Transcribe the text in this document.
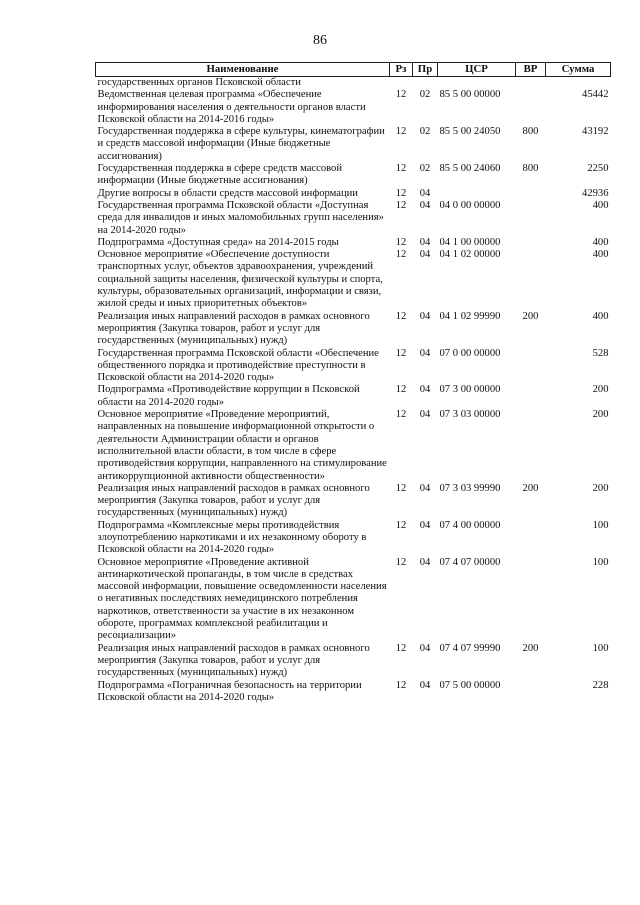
86
Наименование	Рз	Пр	ЦСР	ВР	Сумма
государственных органов Псковской области					
Ведомственная целевая программа «Обеспечение информирования населения о деятельности органов власти Псковской области на 2014-2016 годы»	12	02	85 5 00 00000		45442
Государственная поддержка в сфере культуры, кинематографии и средств массовой информации (Иные бюджетные ассигнования)	12	02	85 5 00 24050	800	43192
Государственная поддержка в сфере средств массовой информации (Иные бюджетные ассигнования)	12	02	85 5 00 24060	800	2250
Другие вопросы в области средств массовой информации	12	04			42936
Государственная программа Псковской области «Доступная среда для инвалидов и иных маломобильных групп населения» на 2014-2020 годы»	12	04	04 0 00 00000		400
Подпрограмма «Доступная среда» на 2014-2015 годы	12	04	04 1 00 00000		400
Основное мероприятие «Обеспечение доступности транспортных услуг, объектов здравоохранения, учреждений социальной защиты населения, физической культуры и спорта, культуры, образовательных организаций, информации и связи, жилой среды и иных приоритетных объектов»	12	04	04 1 02 00000		400
Реализация иных направлений расходов в рамках основного мероприятия (Закупка товаров, работ и услуг для государственных (муниципальных) нужд)	12	04	04 1 02 99990	200	400
Государственная программа Псковской области «Обеспечение общественного порядка и противодействие преступности в Псковской области на 2014-2020 годы»	12	04	07 0 00 00000		528
Подпрограмма «Противодействие коррупции в Псковской области на 2014-2020 годы»	12	04	07 3 00 00000		200
Основное мероприятие «Проведение мероприятий, направленных на повышение информационной открытости о деятельности Администрации области и органов исполнительной власти области, в том числе в сфере противодействия коррупции, направленного на стимулирование антикоррупционной активности общественности»	12	04	07 3 03 00000		200
Реализация иных направлений расходов в рамках основного мероприятия (Закупка товаров, работ и услуг для государственных (муниципальных) нужд)	12	04	07 3 03 99990	200	200
Подпрограмма «Комплексные меры противодействия злоупотреблению наркотиками и их незаконному обороту в Псковской области на 2014-2020 годы»	12	04	07 4 00 00000		100
Основное мероприятие «Проведение активной антинаркотической пропаганды, в том числе в средствах массовой информации, повышение осведомленности населения о негативных последствиях немедицинского потребления наркотиков, ответственности за участие в их незаконном обороте, программах комплексной реабилитации и ресоциализации»	12	04	07 4 07 00000		100
Реализация иных направлений расходов в рамках основного мероприятия (Закупка товаров, работ и услуг для государственных (муниципальных) нужд)	12	04	07 4 07 99990	200	100
Подпрограмма «Пограничная безопасность на территории Псковской области на 2014-2020 годы»	12	04	07 5 00 00000		228
